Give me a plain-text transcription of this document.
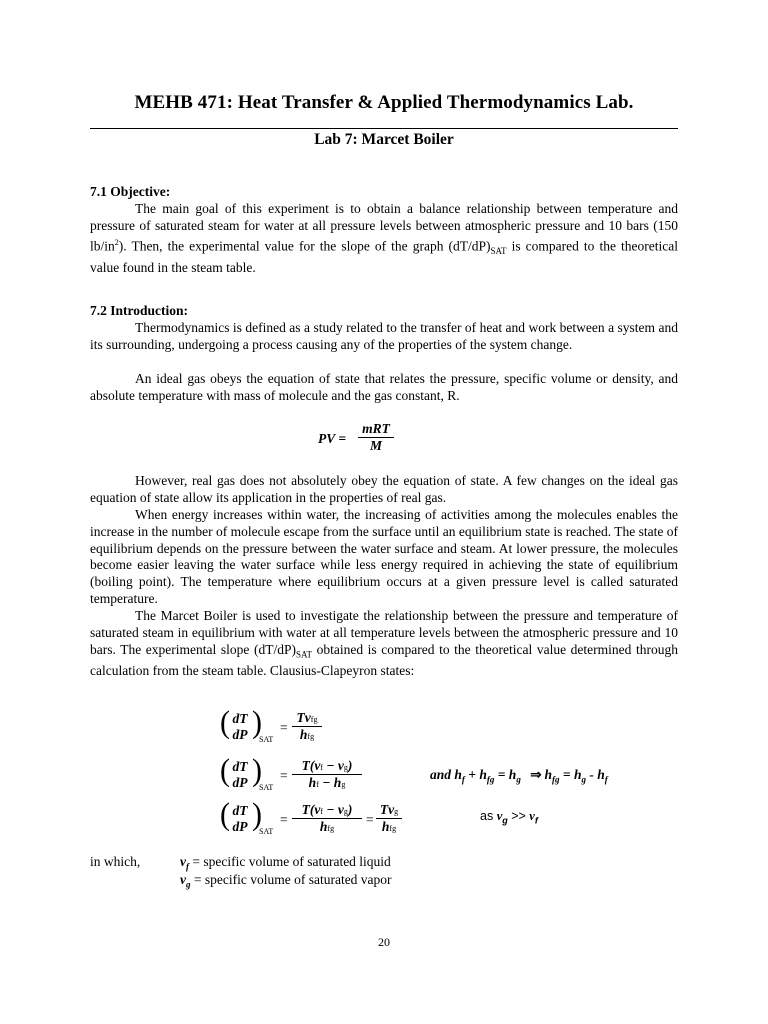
MEHB 471: Heat Transfer & Applied Thermodynamics Lab.
Lab 7: Marcet Boiler
7.1 Objective:
The main goal of this experiment is to obtain a balance relationship between temperature and pressure of saturated steam for water at all pressure levels between atmospheric pressure and 10 bars (150 $lb/in^2$). Then, the experimental value for the slope of the graph $(dT/dP)_{SAT}$ is compared to the theoretical value found in the steam table.
7.2 Introduction:
Thermodynamics is defined as a study related to the transfer of heat and work between a system and its surrounding, undergoing a process causing any of the properties of the system change.
An ideal gas obeys the equation of state that relates the pressure, specific volume or density, and absolute temperature with mass of molecule and the gas constant, R.
PV =
mRT
M
However, real gas does not absolutely obey the equation of state. A few changes on the ideal gas equation of state allow its application in the properties of real gas.
When energy increases within water, the increasing of activities among the molecules enables the increase in the number of molecule escape from the surface until an equilibrium state is reached. The state of equilibrium depends on the pressure between the water surface and steam. At lower pressure, the molecules become easier leaving the water surface while less energy required in achieving the state of equilibrium (boiling point). The temperature where equilibrium occurs at a given pressure level is called saturated temperature.
The Marcet Boiler is used to investigate the relationship between the pressure and temperature of saturated steam in equilibrium with water at all temperature levels between the atmospheric pressure and 10 bars. The experimental slope $(dT/dP)_{SAT}$ obtained is compared to the theoretical value determined through calculation from the steam table. Clausius-Clapeyron states:
( dT
dP )
SAT
=
Tvfg
hfg
( dT
dP )
SAT
= $\frac{T(vf - vg)}{hf - hg}$	and $h_f + h_{fg} = h_g$ ⇒ $h_{fg} = h_g - h_f$
( dT
dP )
SAT
=
T(vf − vg)
hfg
=
Tvg
hfg
as $v_g >> v_f$
in which,	$v_f$ = specific volume of saturated liquid
$v_g$ = specific volume of saturated vapor
20
